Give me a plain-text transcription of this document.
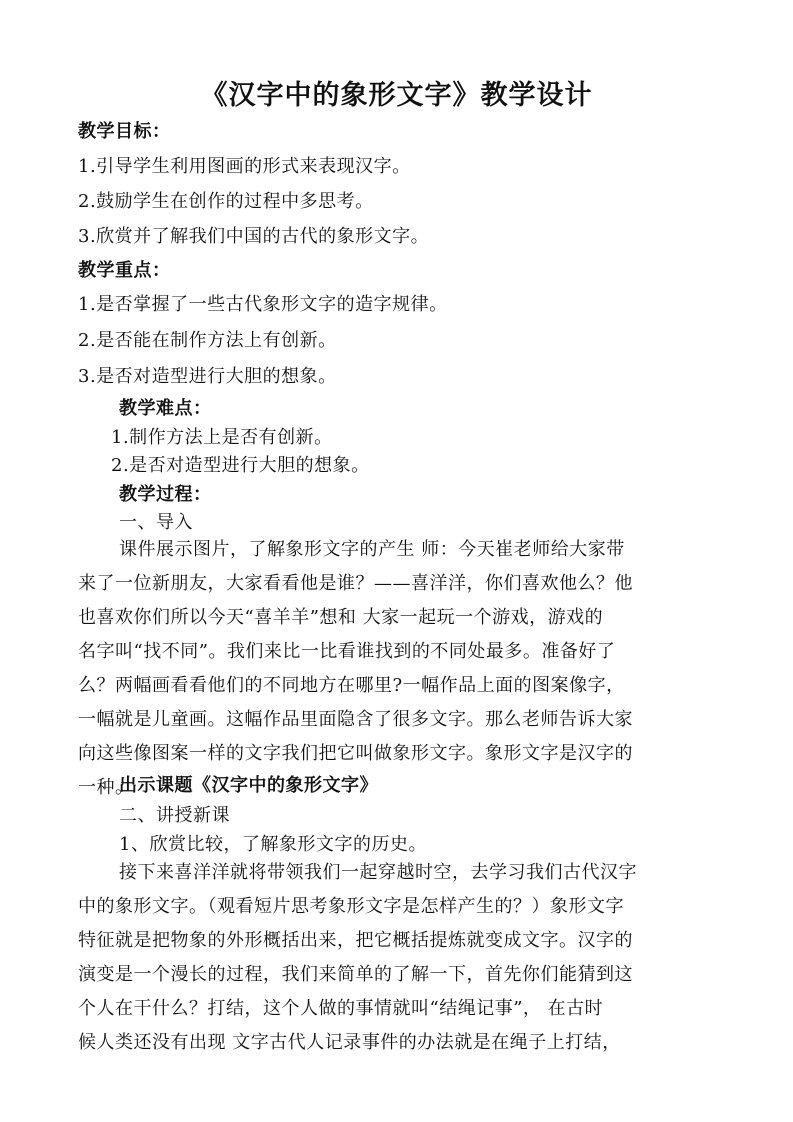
《汉字中的象形文字》教学设计
教学目标：
1.引导学生利用图画的形式来表现汉字。
2.鼓励学生在创作的过程中多思考。
3.欣赏并了解我们中国的古代的象形文字。
教学重点：
1.是否掌握了一些古代象形文字的造字规律。
2.是否能在制作方法上有创新。
3.是否对造型进行大胆的想象。
教学难点：
1.制作方法上是否有创新。
2.是否对造型进行大胆的想象。
教学过程：
一、导入
课件展示图片，了解象形文字的产生 师：今天崔老师给大家带
来了一位新朋友，大家看看他是谁？——喜洋洋，你们喜欢他么？他
也喜欢你们所以今天“喜羊羊”想和 大家一起玩一个游戏，游戏的
名字叫“找不同”。我们来比一比看谁找到的不同处最多。准备好了
么？两幅画看看他们的不同地方在哪里?一幅作品上面的图案像字，
一幅就是儿童画。这幅作品里面隐含了很多文字。那么老师告诉大家
向这些像图案一样的文字我们把它叫做象形文字。象形文字是汉字的
一种。
出示课题《汉字中的象形文字》
二、讲授新课
1、欣赏比较，了解象形文字的历史。
接下来喜洋洋就将带领我们一起穿越时空，去学习我们古代汉字
中的象形文字。（观看短片思考象形文字是怎样产生的？）象形文字
特征就是把物象的外形概括出来，把它概括提炼就变成文字。汉字的
演变是一个漫长的过程，我们来简单的了解一下，首先你们能猜到这
个人在干什么？打结，这个人做的事情就叫“结绳记事”， 在古时
候人类还没有出现 文字古代人记录事件的办法就是在绳子上打结，
